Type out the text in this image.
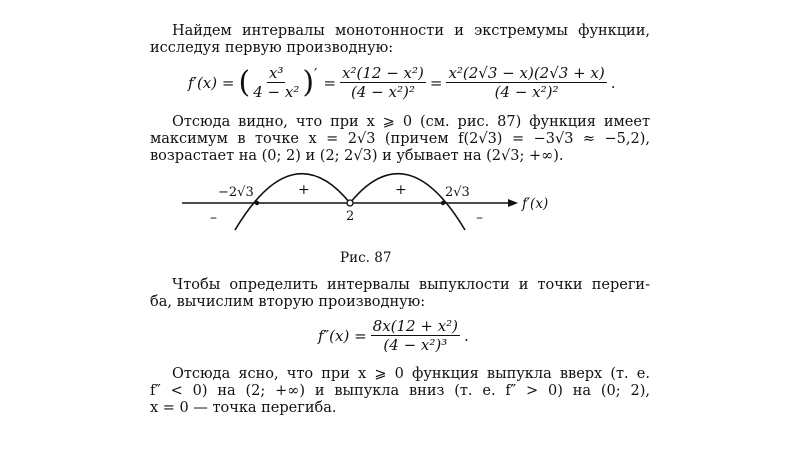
Найдем интервалы монотонности и экстремумы функции,
исследуя первую производную:
f′(x) = ( $\frac{\text{x³}}{\text{4 − x²}}$ ) ′ = $\frac{\text{x²(12 − x²)}}{\text{(4 − x²)²}} = \frac{\text{x²(2√3 − x)(2√3 + x)}}{\text{(4 − x²)²}}$ .
Отсюда видно, что при x ⩾ 0 (см. рис. 87) функция имеет
максимум в точке x = 2√3 (причем f(2√3) = −3√3 ≈ −5,2),
возрастает на (0; 2) и (2; 2√3) и убывает на (2√3; +∞).
−2√3	2√3
2
+	+
–	–
f′(x)
Рис. 87
Чтобы определить интервалы выпуклости и точки переги-
ба, вычислим вторую производную:
$f''(x) = \frac{\text{8x(12 + x²)}}{\text{(4 − x²)³}}$ .
Отсюда ясно, что при x ⩾ 0 функция выпукла вверх (т. е.
f″ < 0) на (2; +∞) и выпукла вниз (т. е. f″ > 0) на (0; 2),
x = 0 — точка перегиба.
